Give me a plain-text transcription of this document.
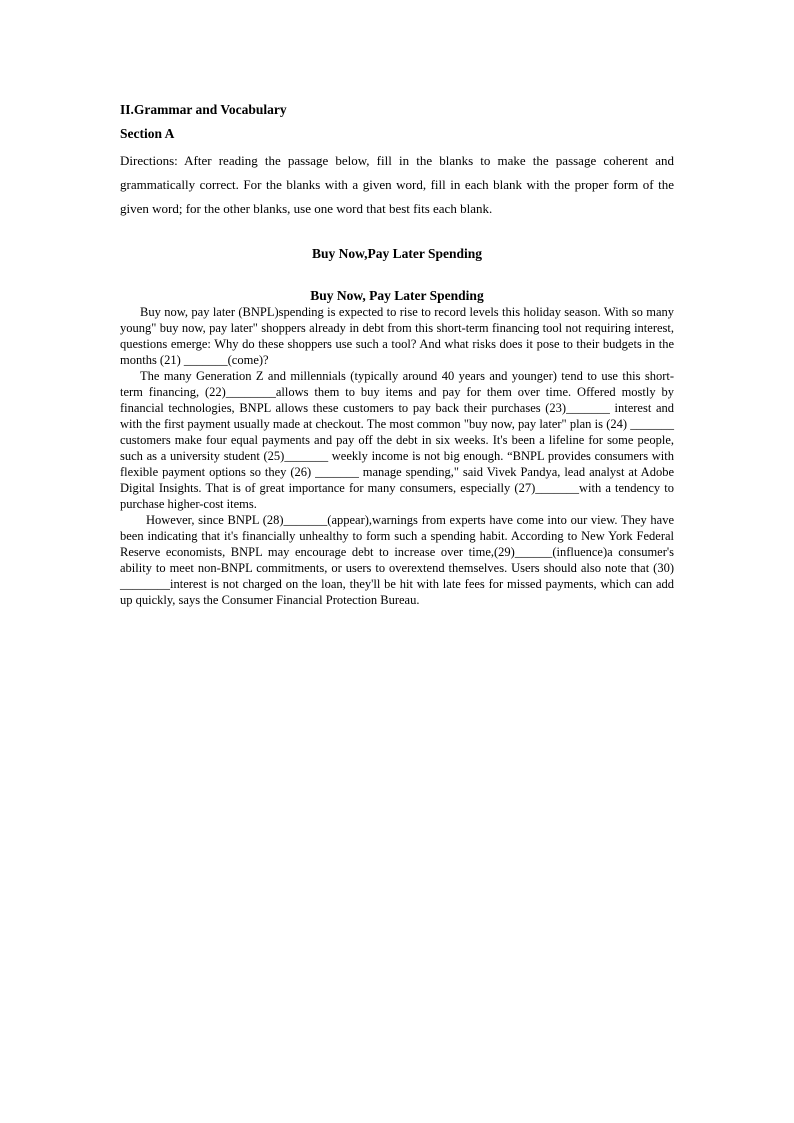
II.Grammar and Vocabulary
Section A

Directions: After reading the passage below, fill in the blanks to make the passage coherent and grammatically correct. For the blanks with a given word, fill in each blank with the proper form of the given word; for the other blanks, use one word that best fits each blank.

Buy Now,Pay Later Spending
Buy Now, Pay Later Spending

Buy now, pay later (BNPL)spending is expected to rise to record levels this holiday season. With so many young" buy now, pay later" shoppers already in debt from this short-term financing tool not requiring interest, questions emerge: Why do these shoppers use such a tool? And what risks does it pose to their budgets in the months (21) _______(come)?

The many Generation Z and millennials (typically around 40 years and younger) tend to use this short-term financing, (22)________allows them to buy items and pay for them over time. Offered mostly by financial technologies, BNPL allows these customers to pay back their purchases (23)_______ interest and with the first payment usually made at checkout. The most common "buy now, pay later" plan is (24) _______ customers make four equal payments and pay off the debt in six weeks. It's been a lifeline for some people, such as a university student (25)_______ weekly income is not big enough. “BNPL provides consumers with flexible payment options so they (26) _______ manage spending," said Vivek Pandya, lead analyst at Adobe Digital Insights. That is of great importance for many consumers, especially (27)_______with a tendency to purchase higher-cost items.

However, since BNPL (28)_______(appear),warnings from experts have come into our view. They have been indicating that it's financially unhealthy to form such a spending habit. According to New York Federal Reserve economists, BNPL may encourage debt to increase over time,(29)______(influence)a consumer's ability to meet non-BNPL commitments, or users to overextend themselves. Users should also note that (30) ________interest is not charged on the loan, they'll be hit with late fees for missed payments, which can add up quickly, says the Consumer Financial Protection Bureau.
